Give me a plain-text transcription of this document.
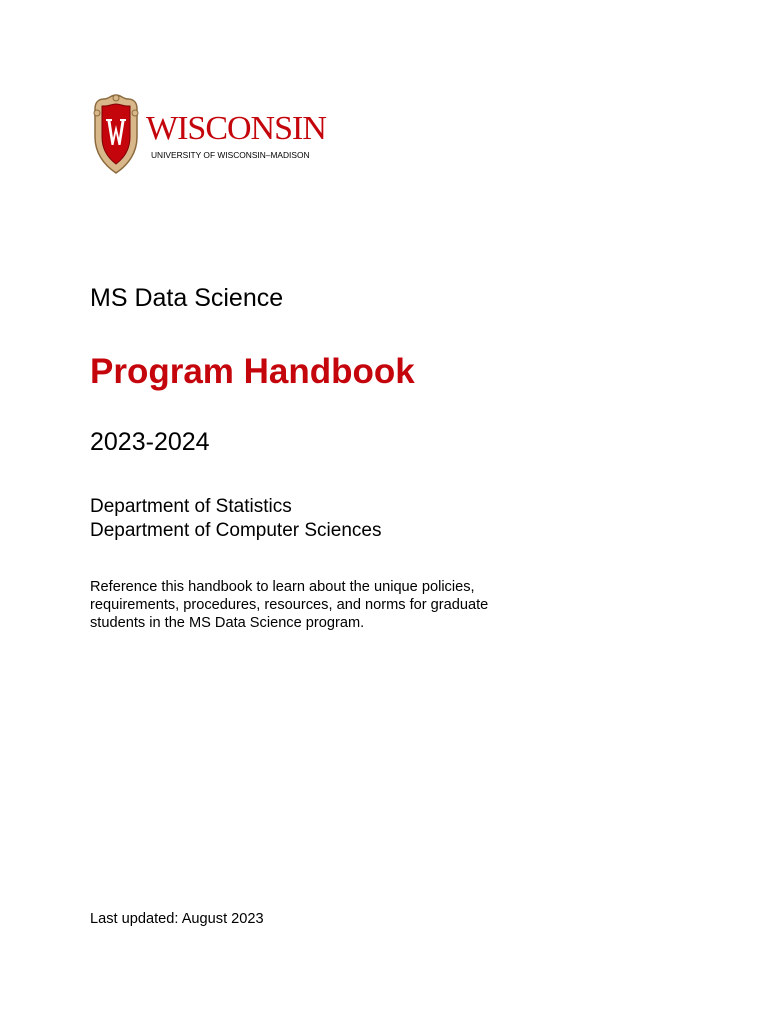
WISCONSIN
UNIVERSITY OF WISCONSIN–MADISON
MS Data Science
Program Handbook
2023-2024
Department of Statistics
Department of Computer Sciences
Reference this handbook to learn about the unique policies,
requirements, procedures, resources, and norms for graduate
students in the MS Data Science program.
Last updated: August 2023
